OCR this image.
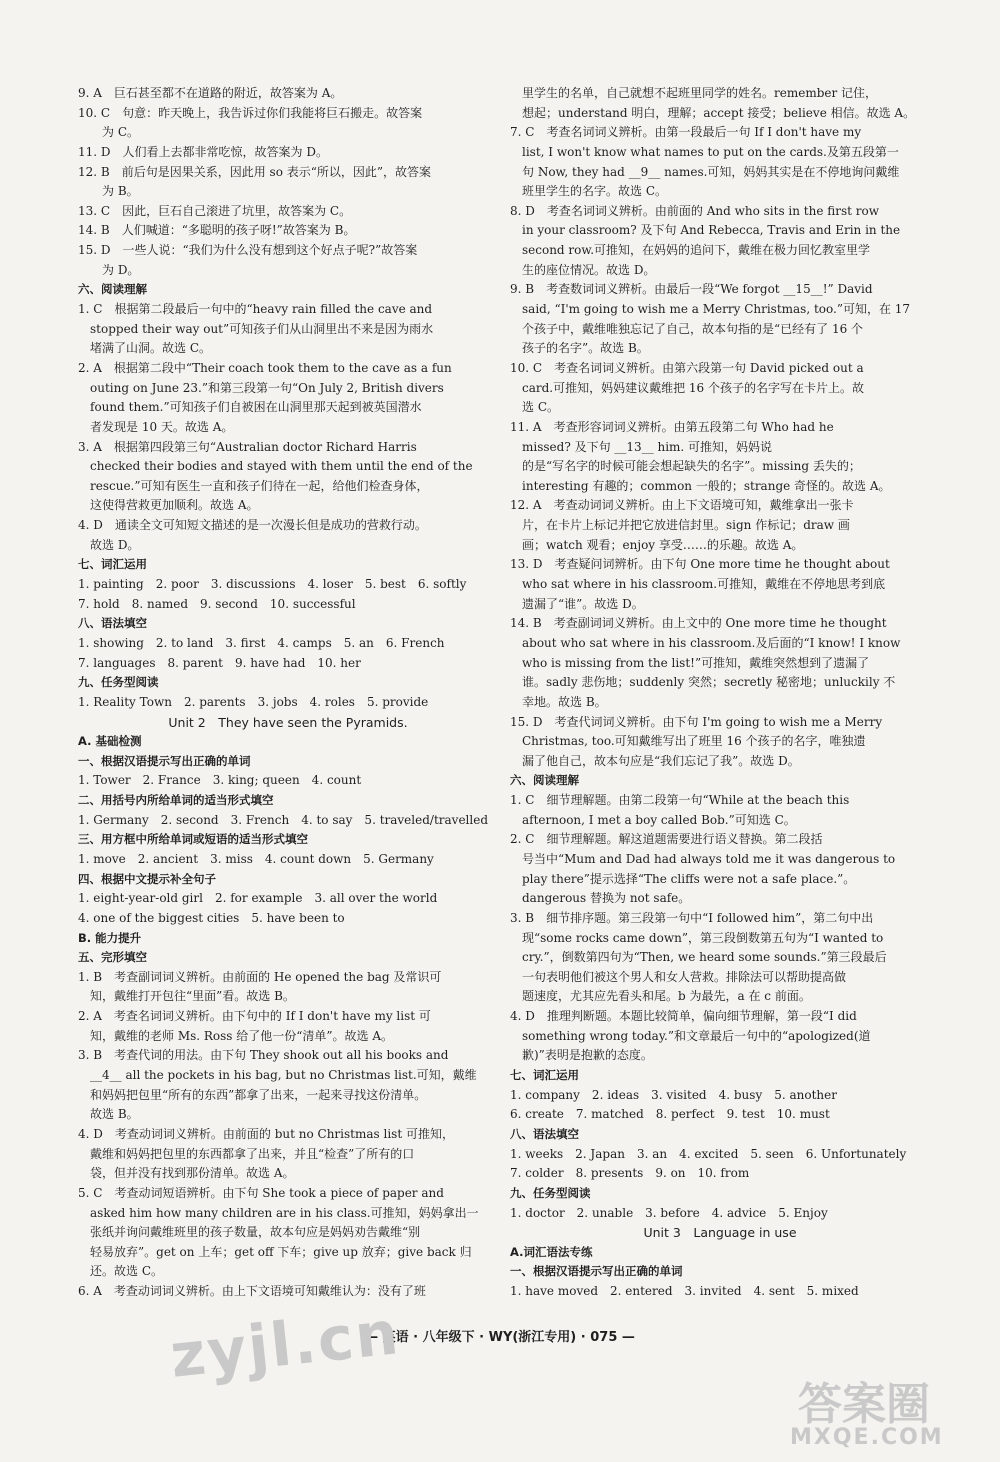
9. A　巨石甚至都不在道路的附近，故答案为 A。
10. C　句意：昨天晚上，我告诉过你们我能将巨石搬走。故答案
　　为 C。
11. D　人们看上去都非常吃惊，故答案为 D。
12. B　前后句是因果关系，因此用 so 表示“所以，因此”，故答案
　　为 B。
13. C　因此，巨石自己滚进了坑里，故答案为 C。
14. B　人们喊道：“多聪明的孩子呀!”故答案为 B。
15. D　一些人说：“我们为什么没有想到这个好点子呢?”故答案
　　为 D。
六、阅读理解
1. C　根据第二段最后一句中的“heavy rain filled the cave and
　stopped their way out”可知孩子们从山洞里出不来是因为雨水
　堵满了山洞。故选 C。
2. A　根据第二段中“Their coach took them to the cave as a fun
　outing on June 23.”和第三段第一句“On July 2, British divers
　found them.”可知孩子们自被困在山洞里那天起到被英国潜水
　者发现是 10 天。故选 A。
3. A　根据第四段第三句“Australian doctor Richard Harris
　checked their bodies and stayed with them until the end of the
　rescue.”可知有医生一直和孩子们待在一起，给他们检查身体，
　这使得营救更加顺利。故选 A。
4. D　通读全文可知短文描述的是一次漫长但是成功的营救行动。
　故选 D。
七、词汇运用
1. painting　2. poor　3. discussions　4. loser　5. best　6. softly
7. hold　8. named　9. second　10. successful
八、语法填空
1. showing　2. to land　3. first　4. camps　5. an　6. French
7. languages　8. parent　9. have had　10. her
九、任务型阅读
1. Reality Town　2. parents　3. jobs　4. roles　5. provide
Unit 2　They have seen the Pyramids.
A. 基础检测
一、根据汉语提示写出正确的单词
1. Tower　2. France　3. king; queen　4. count
二、用括号内所给单词的适当形式填空
1. Germany　2. second　3. French　4. to say　5. traveled/travelled
三、用方框中所给单词或短语的适当形式填空
1. move　2. ancient　3. miss　4. count down　5. Germany
四、根据中文提示补全句子
1. eight-year-old girl　2. for example　3. all over the world
4. one of the biggest cities　5. have been to
B. 能力提升
五、完形填空
1. B　考查副词词义辨析。由前面的 He opened the bag 及常识可
　知，戴维打开包往“里面”看。故选 B。
2. A　考查名词词义辨析。由下句中的 If I don't have my list 可
　知，戴维的老师 Ms. Ross 给了他一份“清单”。故选 A。
3. B　考查代词的用法。由下句 They shook out all his books and
　__4__ all the pockets in his bag, but no Christmas list.可知，戴维
　和妈妈把包里“所有的东西”都拿了出来，一起来寻找这份清单。
　故选 B。
4. D　考查动词词义辨析。由前面的 but no Christmas list 可推知，
　戴维和妈妈把包里的东西都拿了出来，并且“检查”了所有的口
　袋，但并没有找到那份清单。故选 A。
5. C　考查动词短语辨析。由下句 She took a piece of paper and
　asked him how many children are in his class.可推知，妈妈拿出一
　张纸并询问戴维班里的孩子数量，故本句应是妈妈劝告戴维“别
　轻易放弃”。get on 上车；get off 下车；give up 放弃；give back 归
　还。故选 C。
6. A　考查动词词义辨析。由上下文语境可知戴维认为：没有了班
　里学生的名单，自己就想不起班里同学的姓名。remember 记住，
　想起；understand 明白，理解；accept 接受；believe 相信。故选 A。
7. C　考查名词词义辨析。由第一段最后一句 If I don't have my
　list, I won't know what names to put on the cards.及第五段第一
　句 Now, they had __9__ names.可知，妈妈其实是在不停地询问戴维
　班里学生的名字。故选 C。
8. D　考查名词词义辨析。由前面的 And who sits in the first row
　in your classroom? 及下句 And Rebecca, Travis and Erin in the
　second row.可推知，在妈妈的追问下，戴维在极力回忆教室里学
　生的座位情况。故选 D。
9. B　考查数词词义辨析。由最后一段“We forgot __15__!” David
　said, “I'm going to wish me a Merry Christmas, too.”可知，在 17
　个孩子中，戴维唯独忘记了自己，故本句指的是“已经有了 16 个
　孩子的名字”。故选 B。
10. C　考查名词词义辨析。由第六段第一句 David picked out a
　card.可推知，妈妈建议戴维把 16 个孩子的名字写在卡片上。故
　选 C。
11. A　考查形容词词义辨析。由第五段第二句 Who had he
　missed? 及下句 __13__ him. 可推知，妈妈说
　的是“写名字的时候可能会想起缺失的名字”。missing 丢失的；
　interesting 有趣的；common 一般的；strange 奇怪的。故选 A。
12. A　考查动词词义辨析。由上下文语境可知，戴维拿出一张卡
　片，在卡片上标记并把它放进信封里。sign 作标记；draw 画
　画；watch 观看；enjoy 享受……的乐趣。故选 A。
13. D　考查疑问词辨析。由下句 One more time he thought about
　who sat where in his classroom.可推知，戴维在不停地思考到底
　遗漏了“谁”。故选 D。
14. B　考查副词词义辨析。由上文中的 One more time he thought
　about who sat where in his classroom.及后面的“I know! I know
　who is missing from the list!”可推知，戴维突然想到了遗漏了
　谁。sadly 悲伤地；suddenly 突然；secretly 秘密地；unluckily 不
　幸地。故选 B。
15. D　考查代词词义辨析。由下句 I'm going to wish me a Merry
　Christmas, too.可知戴维写出了班里 16 个孩子的名字，唯独遗
　漏了他自己，故本句应是“我们忘记了我”。故选 D。
六、阅读理解
1. C　细节理解题。由第二段第一句“While at the beach this
　afternoon, I met a boy called Bob.”可知选 C。
2. C　细节理解题。解这道题需要进行语义替换。第二段括
　号当中“Mum and Dad had always told me it was dangerous to
　play there”提示选择“The cliffs were not a safe place.”。
　dangerous 替换为 not safe。
3. B　细节排序题。第三段第一句中“I followed him”，第二句中出
　现“some rocks came down”，第三段倒数第五句为“I wanted to
　cry.”，倒数第四句为“Then, we heard some sounds.”第三段最后
　一句表明他们被这个男人和女人营救。排除法可以帮助提高做
　题速度，尤其应先看头和尾。b 为最先，a 在 c 前面。
4. D　推理判断题。本题比较简单，偏向细节理解，第一段“I did
　something wrong today.”和文章最后一句中的“apologized(道
　歉)”表明是抱歉的态度。
七、词汇运用
1. company　2. ideas　3. visited　4. busy　5. another
6. create　7. matched　8. perfect　9. test　10. must
八、语法填空
1. weeks　2. Japan　3. an　4. excited　5. seen　6. Unfortunately
7. colder　8. presents　9. on　10. from
九、任务型阅读
1. doctor　2. unable　3. before　4. advice　5. Enjoy
Unit 3　Language in use
A.词汇语法专练
一、根据汉语提示写出正确的单词
1. have moved　2. entered　3. invited　4. sent　5. mixed
— 英语 · 八年级下 · WY(浙江专用) · 075 —
zyjl.cn
答案圈
MXQE.COM
